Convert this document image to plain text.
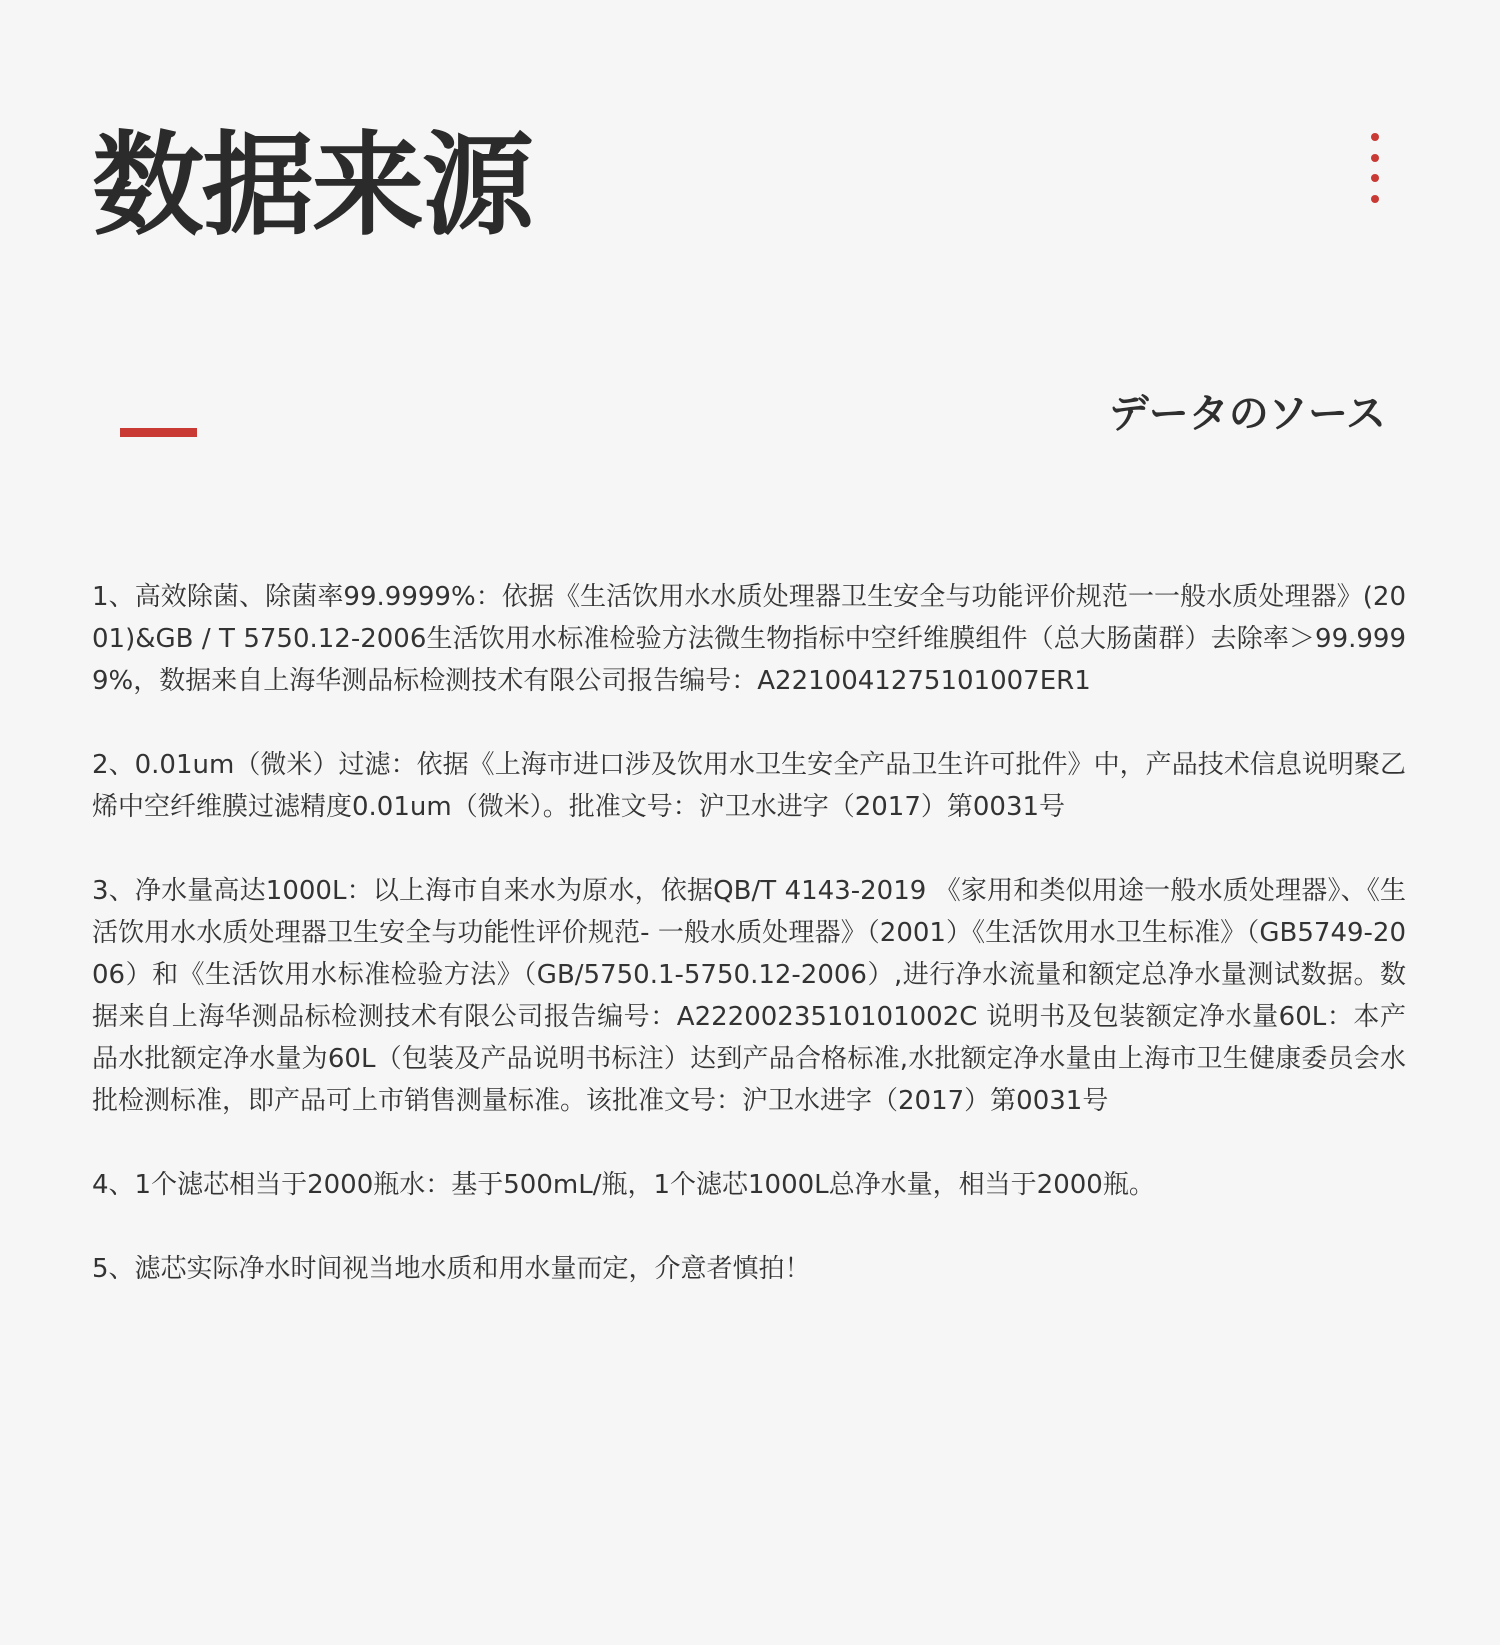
数据来源
データのソース

1、高效除菌、除菌率99.9999%：依据《生活饮用水水质处理器卫生安全与功能评价规范一一般水质处理器》(2001)&GB / T 5750.12-2006生活饮用水标准检验方法微生物指标中空纤维膜组件（总大肠菌群）去除率＞99.9999%，数据来自上海华测品标检测技术有限公司报告编号：A2210041275101007ER1

2、0.01um（微米）过滤：依据《上海市进口涉及饮用水卫生安全产品卫生许可批件》中，产品技术信息说明聚乙烯中空纤维膜过滤精度0.01um（微米）。批准文号：沪卫水进字（2017）第0031号

3、净水量高达1000L：以上海市自来水为原水，依据QB/T 4143-2019 《家用和类似用途一般水质处理器》、《生活饮用水水质处理器卫生安全与功能性评价规范- 一般水质处理器》（2001）《生活饮用水卫生标准》（GB5749-2006）和《生活饮用水标准检验方法》（GB/5750.1-5750.12-2006）,进行净水流量和额定总净水量测试数据。数据来自上海华测品标检测技术有限公司报告编号：A2220023510101002C 说明书及包装额定净水量60L：本产品水批额定净水量为60L（包装及产品说明书标注）达到产品合格标准,水批额定净水量由上海市卫生健康委员会水批检测标准，即产品可上市销售测量标准。该批准文号：沪卫水进字（2017）第0031号

4、1个滤芯相当于2000瓶水：基于500mL/瓶，1个滤芯1000L总净水量，相当于2000瓶。

5、滤芯实际净水时间视当地水质和用水量而定，介意者慎拍！
